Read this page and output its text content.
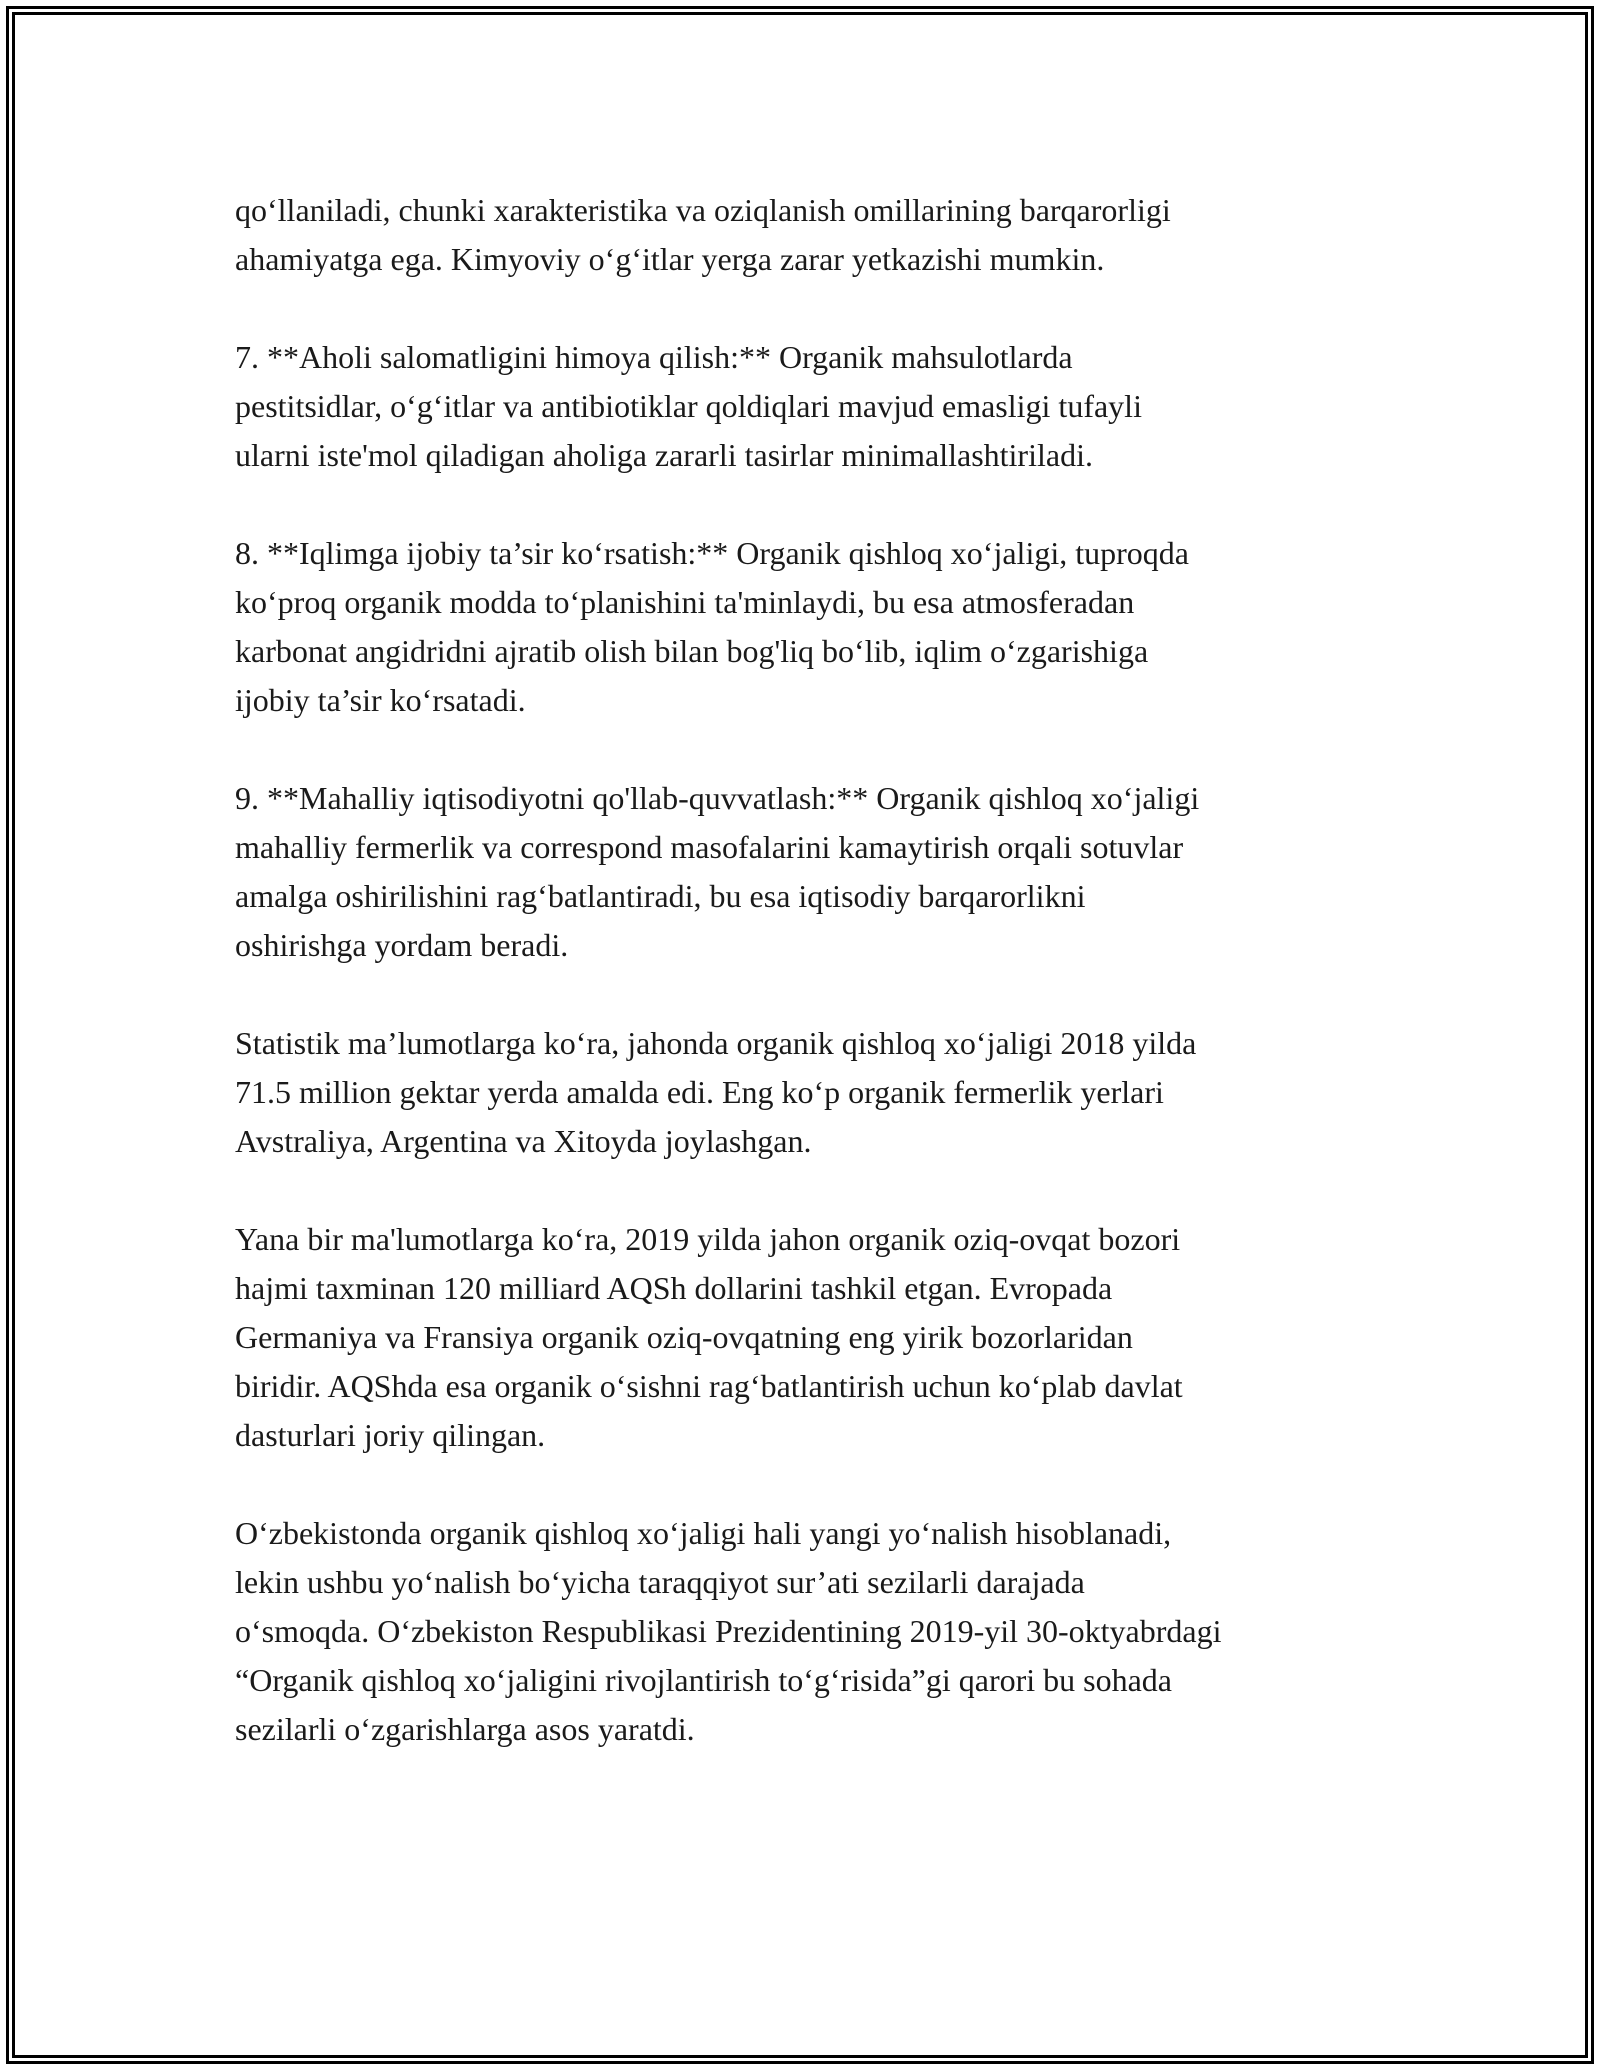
qo‘llaniladi, chunki xarakteristika va oziqlanish omillarining barqarorligi
ahamiyatga ega. Kimyoviy o‘g‘itlar yerga zarar yetkazishi mumkin.

7. **Aholi salomatligini himoya qilish:** Organik mahsulotlarda
pestitsidlar, o‘g‘itlar va antibiotiklar qoldiqlari mavjud emasligi tufayli
ularni iste'mol qiladigan aholiga zararli tasirlar minimallashtiriladi.

8. **Iqlimga ijobiy ta’sir ko‘rsatish:** Organik qishloq xo‘jaligi, tuproqda
ko‘proq organik modda to‘planishini ta'minlaydi, bu esa atmosferadan
karbonat angidridni ajratib olish bilan bog'liq bo‘lib, iqlim o‘zgarishiga
ijobiy ta’sir ko‘rsatadi.

9. **Mahalliy iqtisodiyotni qo'llab-quvvatlash:** Organik qishloq xo‘jaligi
mahalliy fermerlik va correspond masofalarini kamaytirish orqali sotuvlar
amalga oshirilishini rag‘batlantiradi, bu esa iqtisodiy barqarorlikni
oshirishga yordam beradi.

Statistik ma’lumotlarga ko‘ra, jahonda organik qishloq xo‘jaligi 2018 yilda
71.5 million gektar yerda amalda edi. Eng ko‘p organik fermerlik yerlari
Avstraliya, Argentina va Xitoyda joylashgan.

Yana bir ma'lumotlarga ko‘ra, 2019 yilda jahon organik oziq-ovqat bozori
hajmi taxminan 120 milliard AQSh dollarini tashkil etgan. Evropada
Germaniya va Fransiya organik oziq-ovqatning eng yirik bozorlaridan
biridir. AQShda esa organik o‘sishni rag‘batlantirish uchun ko‘plab davlat
dasturlari joriy qilingan.

O‘zbekistonda organik qishloq xo‘jaligi hali yangi yo‘nalish hisoblanadi,
lekin ushbu yo‘nalish bo‘yicha taraqqiyot sur’ati sezilarli darajada
o‘smoqda. O‘zbekiston Respublikasi Prezidentining 2019-yil 30-oktyabrdagi
“Organik qishloq xo‘jaligini rivojlantirish to‘g‘risida”gi qarori bu sohada
sezilarli o‘zgarishlarga asos yaratdi.
